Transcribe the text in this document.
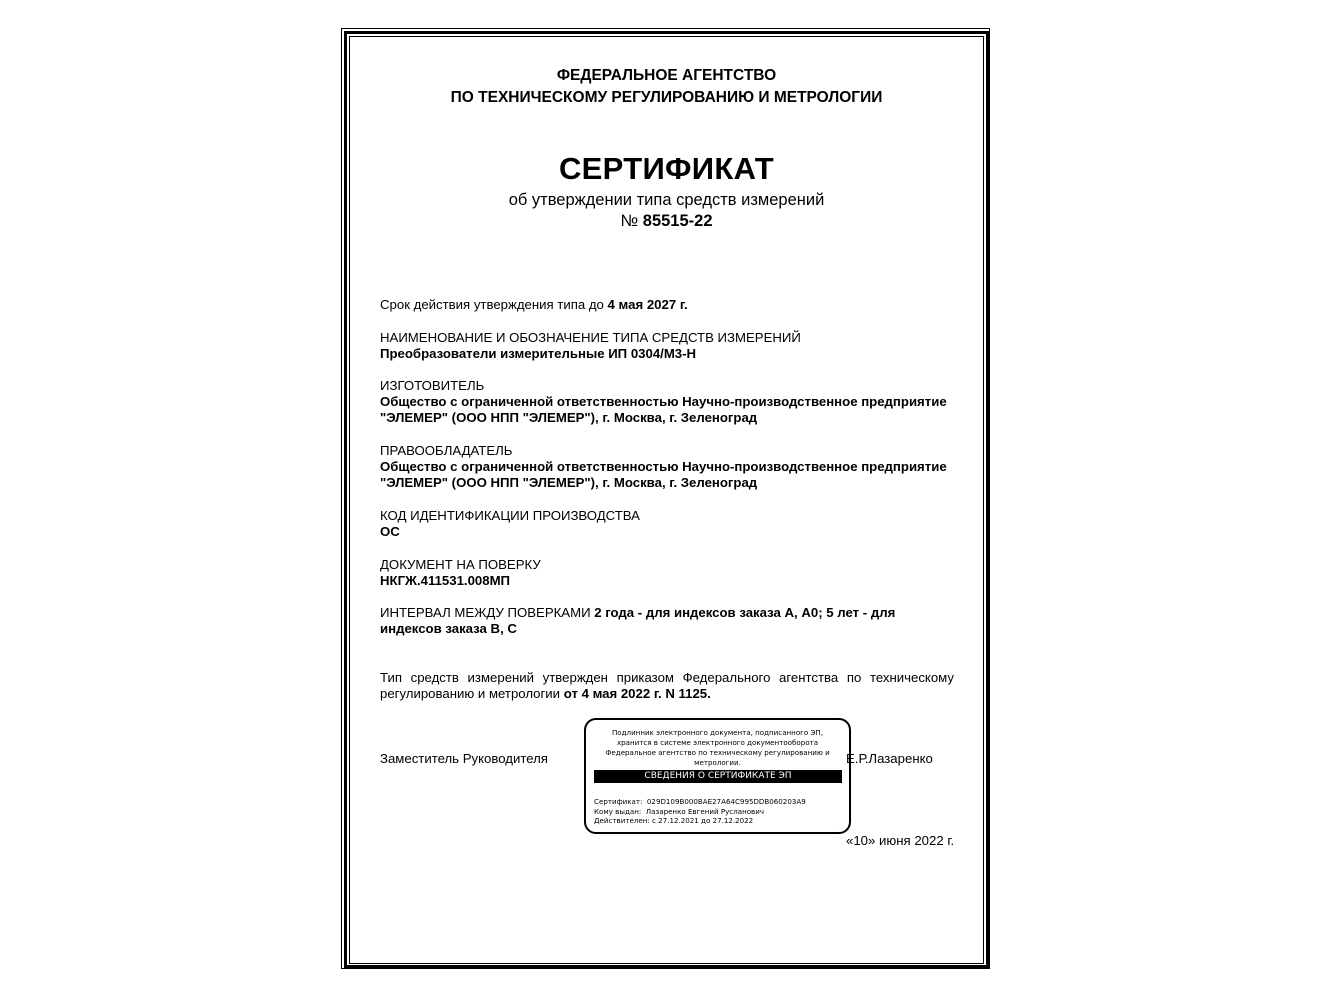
ФЕДЕРАЛЬНОЕ АГЕНТСТВО
ПО ТЕХНИЧЕСКОМУ РЕГУЛИРОВАНИЮ И МЕТРОЛОГИИ
СЕРТИФИКАТ
об утверждении типа средств измерений
№ 85515-22
Срок действия утверждения типа до 4 мая 2027 г.
НАИМЕНОВАНИЕ И ОБОЗНАЧЕНИЕ ТИПА СРЕДСТВ ИЗМЕРЕНИЙ
Преобразователи измерительные ИП 0304/М3-Н
ИЗГОТОВИТЕЛЬ
Общество с ограниченной ответственностью Научно-производственное предприятие "ЭЛЕМЕР" (ООО НПП "ЭЛЕМЕР"), г. Москва, г. Зеленоград
ПРАВООБЛАДАТЕЛЬ
Общество с ограниченной ответственностью Научно-производственное предприятие "ЭЛЕМЕР" (ООО НПП "ЭЛЕМЕР"), г. Москва, г. Зеленоград
КОД ИДЕНТИФИКАЦИИ ПРОИЗВОДСТВА
ОС
ДОКУМЕНТ НА ПОВЕРКУ
НКГЖ.411531.008МП
ИНТЕРВАЛ МЕЖДУ ПОВЕРКАМИ 2 года - для индексов заказа А, А0; 5 лет - для индексов заказа В, С
Тип средств измерений утвержден приказом Федерального агентства по техническому регулированию и метрологии от 4 мая 2022 г. N 1125.
Заместитель Руководителя
Подлинник электронного документа, подписанного ЭП, хранится в системе электронного документооборота Федеральное агентство по техническому регулированию и метрологии.
СВЕДЕНИЯ О СЕРТИФИКАТЕ ЭП
Сертификат: 029D109B000BAE27A64C995DDB060203A9
Кому выдан: Лазаренко Евгений Русланович
Действителен: с 27.12.2021 до 27.12.2022
Е.Р.Лазаренко
«10» июня 2022 г.
